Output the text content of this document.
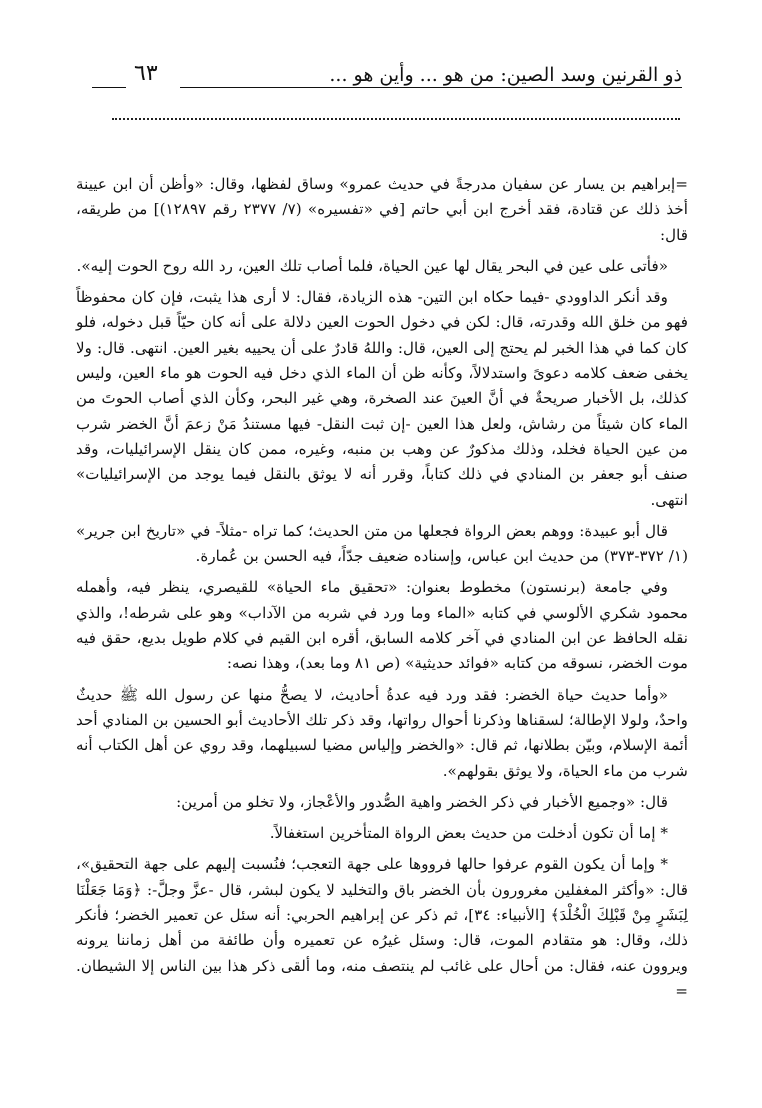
ذو القرنين وسد الصين: من هو ... وأين هو ...
٦٣

=إبراهيم بن يسار عن سفيان مدرجةً في حديث عمرو» وساق لفظها، وقال: «وأظن أن ابن عيينة أخذ ذلك عن قتادة، فقد أخرج ابن أبي حاتم [في «تفسيره» (٧/ ٢٣٧٧ رقم ١٢٨٩٧)] من طريقه، قال:

«فأتى على عين في البحر يقال لها عين الحياة، فلما أصاب تلك العين، رد الله روح الحوت إليه».

وقد أنكر الداوودي -فيما حكاه ابن التين- هذه الزيادة، فقال: لا أرى هذا يثبت، فإن كان محفوظاً فهو من خلق الله وقدرته، قال: لكن في دخول الحوت العين دلالة على أنه كان حيّاً قبل دخوله، فلو كان كما في هذا الخبر لم يحتج إلى العين، قال: واللهُ قادرٌ على أن يحييه بغير العين. انتهى. قال: ولا يخفى ضعف كلامه دعوىً واستدلالاً، وكأنه ظن أن الماء الذي دخل فيه الحوت هو ماء العين، وليس كذلك، بل الأخبار صريحةٌ في أنَّ العينَ عند الصخرة، وهي غير البحر، وكأن الذي أصاب الحوتَ من الماء كان شيئاً من رشاش، ولعل هذا العين -إن ثبت النقل- فيها مستندُ مَنْ زعمَ أنَّ الخضر شرب من عين الحياة فخلد، وذلك مذكورٌ عن وهب بن منبه، وغيره، ممن كان ينقل الإسرائيليات، وقد صنف أبو جعفر بن المنادي في ذلك كتاباً، وقرر أنه لا يوثق بالنقل فيما يوجد من الإسرائيليات» انتهى.

قال أبو عبيدة: ووهم بعض الرواة فجعلها من متن الحديث؛ كما تراه -مثلاً- في «تاريخ ابن جرير» (١/ ٣٧٢-٣٧٣) من حديث ابن عباس، وإسناده ضعيف جدّاً، فيه الحسن بن عُمارة.

وفي جامعة (برنستون) مخطوط بعنوان: «تحقيق ماء الحياة» للقيصري، ينظر فيه، وأهمله محمود شكري الألوسي في كتابه «الماء وما ورد في شربه من الآداب» وهو على شرطه!، والذي نقله الحافظ عن ابن المنادي في آخر كلامه السابق، أقره ابن القيم في كلام طويل بديع، حقق فيه موت الخضر، نسوقه من كتابه «فوائد حديثية» (ص ٨١ وما بعد)، وهذا نصه:

«وأما حديث حياة الخضر: فقد ورد فيه عدةُ أحاديث، لا يصحُّ منها عن رسول الله ﷺ حديثٌ واحدٌ، ولولا الإطالة؛ لسقناها وذكرنا أحوال رواتها، وقد ذكر تلك الأحاديث أبو الحسين بن المنادي أحد أئمة الإسلام، وبيّن بطلانها، ثم قال: «والخضر وإلياس مضيا لسبيلهما، وقد روي عن أهل الكتاب أنه شرب من ماء الحياة، ولا يوثق بقولهم».

قال: «وجميع الأخبار في ذكر الخضر واهية الصُّدور والأعْجاز، ولا تخلو من أمرين:

* إما أن تكون أدخلت من حديث بعض الرواة المتأخرين استغفالاً.

* وإما أن يكون القوم عرفوا حالها فرووها على جهة التعجب؛ فنُسبت إليهم على جهة التحقيق»، قال: «وأكثر المغفلين مغرورون بأن الخضر باق والتخليد لا يكون لبشر، قال -عزَّ وجلَّ-: ﴿وَمَا جَعَلْنَا لِبَشَرٍ مِنْ قَبْلِكَ الْخُلْدَ﴾ [الأنبياء: ٣٤]، ثم ذكر عن إبراهيم الحربي: أنه سئل عن تعمير الخضر؛ فأنكر ذلك، وقال: هو متقادم الموت، قال: وسئل غيرُه عن تعميره وأن طائفة من أهل زماننا يرونه ويروون عنه، فقال: من أحال على غائب لم ينتصف منه، وما ألقى ذكر هذا بين الناس إلا الشيطان. =
